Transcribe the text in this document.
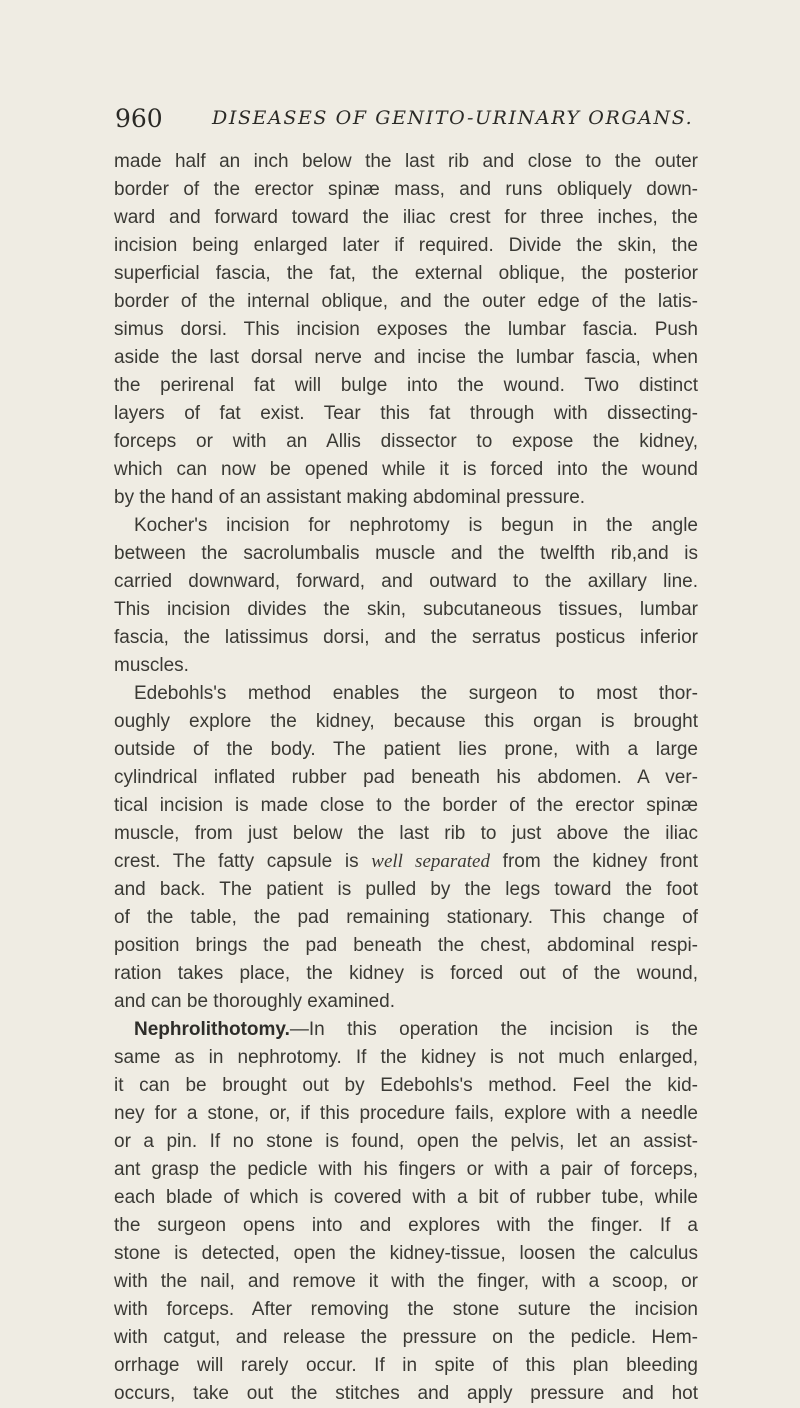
960	DISEASES OF GENITO-URINARY ORGANS.
made half an inch below the last rib and close to the outer
border of the erector spinæ mass, and runs obliquely down-
ward and forward toward the iliac crest for three inches, the
incision being enlarged later if required. Divide the skin, the
superficial fascia, the fat, the external oblique, the posterior
border of the internal oblique, and the outer edge of the latis-
simus dorsi. This incision exposes the lumbar fascia. Push
aside the last dorsal nerve and incise the lumbar fascia, when
the perirenal fat will bulge into the wound. Two distinct
layers of fat exist. Tear this fat through with dissecting-
forceps or with an Allis dissector to expose the kidney,
which can now be opened while it is forced into the wound
by the hand of an assistant making abdominal pressure.
Kocher's incision for nephrotomy is begun in the angle
between the sacrolumbalis muscle and the twelfth rib,and is
carried downward, forward, and outward to the axillary line.
This incision divides the skin, subcutaneous tissues, lumbar
fascia, the latissimus dorsi, and the serratus posticus inferior
muscles.
Edebohls's method enables the surgeon to most thor-
oughly explore the kidney, because this organ is brought
outside of the body. The patient lies prone, with a large
cylindrical inflated rubber pad beneath his abdomen. A ver-
tical incision is made close to the border of the erector spinæ
muscle, from just below the last rib to just above the iliac
crest. The fatty capsule is well separated from the kidney front
and back. The patient is pulled by the legs toward the foot
of the table, the pad remaining stationary. This change of
position brings the pad beneath the chest, abdominal respi-
ration takes place, the kidney is forced out of the wound,
and can be thoroughly examined.
Nephrolithotomy.—In this operation the incision is the
same as in nephrotomy. If the kidney is not much enlarged,
it can be brought out by Edebohls's method. Feel the kid-
ney for a stone, or, if this procedure fails, explore with a needle
or a pin. If no stone is found, open the pelvis, let an assist-
ant grasp the pedicle with his fingers or with a pair of forceps,
each blade of which is covered with a bit of rubber tube, while
the surgeon opens into and explores with the finger. If a
stone is detected, open the kidney-tissue, loosen the calculus
with the nail, and remove it with the finger, with a scoop, or
with forceps. After removing the stone suture the incision
with catgut, and release the pressure on the pedicle. Hem-
orrhage will rarely occur. If in spite of this plan bleeding
occurs, take out the stitches and apply pressure and hot
